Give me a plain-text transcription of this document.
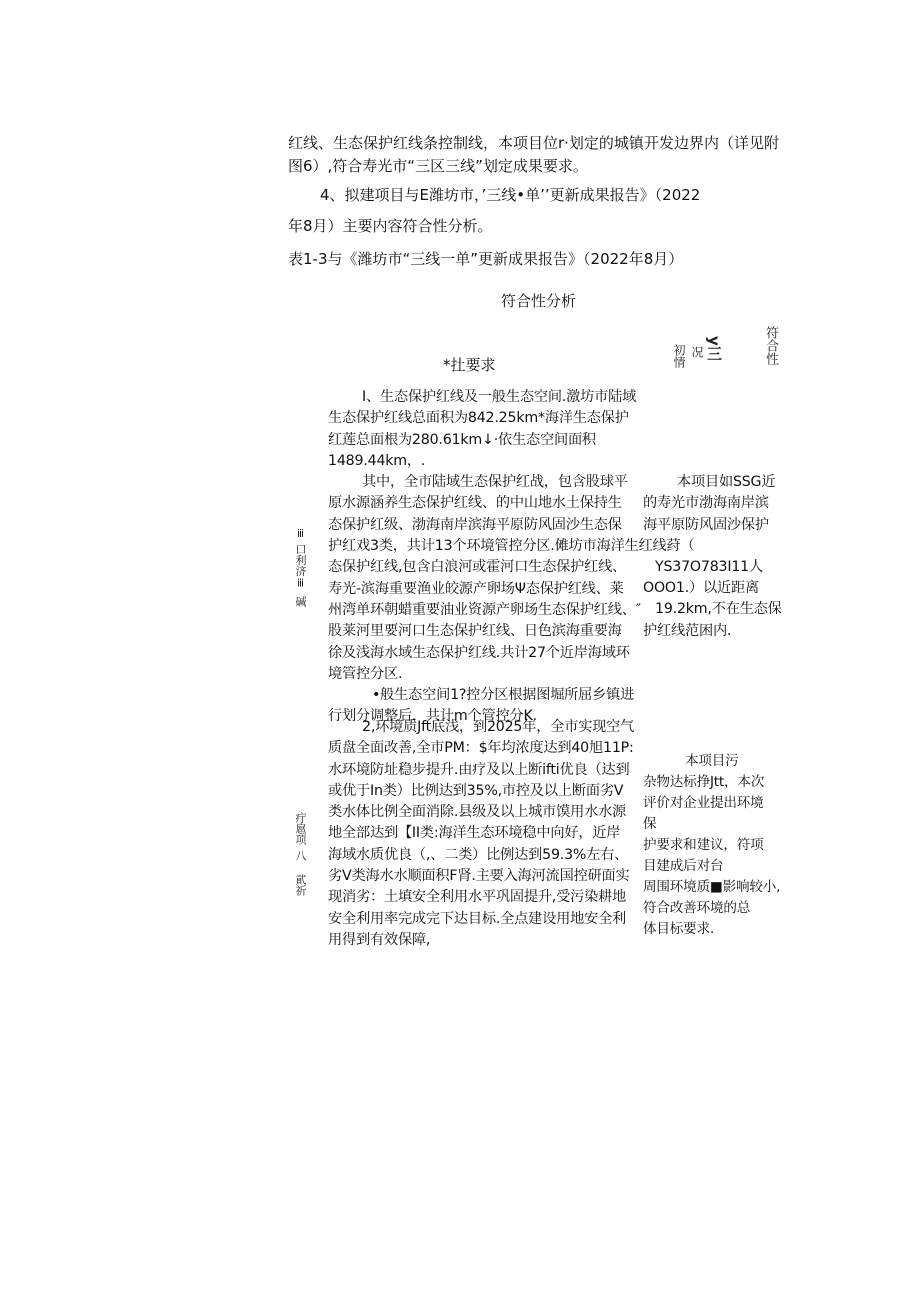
红线、生态保护红线条控制线，本项目位r·划定的城镇开发边界内（详见附
图6）,符合寿光市“三区三线”划定成果要求。
4、拟建项目与E潍坊市，’三线•单’’更新成果报告》（2022
年8月）主要内容符合性分析。
表1-3与《潍坊市“三线一单”更新成果报告》（2022年8月）
符合性分析
*扗要求
y三
况
初情	符合性
ⅲ 口利济ⅲ
碱
I、生态保护红线及一般生态空间.激坊市陆域
生态保护红线总面积为842.25km*海洋生态保护
红莲总面根为280.61km↓·依生态空间面积
1489.44km，.
其中，全市陆域生态保护红战，包含股球平
原水源涵养生态保护红线、的中山地水土保持生
态保护红级、渤海南岸滨海平原防风固沙生态保
护红戏3类，共计13个环境管控分区.傩坊市海洋生红线荮（
态保护红线,包含白浪河或霍河口生态保护红线、
寿光-滨海重要渔业皎源产卵场Ψ态保护红线、莱
州湾单环朝蜡重要油业资源产卵场生态保护红线、″
股莱河里要河口生态保护红线、日色滨海重要海
徐及浅海水域生态保护红线.共计27个近岸海域环
境管控分区.
•般生态空间1?控分区根据图堀所屈乡镇进
行划分调整后，共计m个管控分K.
本项目如SSG近
的寿光市渤海南岸滨
海平原防风固沙保护
YS37O783I11人
OOO1.）以近距离
19.2km,不在生态保
护红线范困内.
疔扈项
八
貮祈
2,环境质Jft底浅，到2025年，全市实现空气
质盘全面改善,全市PM：$年均浓度达到40旭11P:
水环境防址稳步提升.由疗及以上断ifti优良（达到
或优于In类）比例达到35%,市控及以上断面劣V
类水体比例全面消除.县级及以上城市馍用水水源
地全部达到【II类:海洋生态环境稳中向好，近岸
海域水质优良（,、二类）比例达到59.3%左右、
劣V类海水水顺面积F肾.主要入海河流国控研面实
现消劣：土填安全利用水平巩固提升,受污染耕地
安全利用率完成完下达目标.全点建设用地安全利
用得到有效保障,
本项目污
杂物达标挣Jtt，本次
评价对企业提出环境
保
护要求和建议，符项
目建成后对台
周围环境质■影响较小,
符合改善环境的总
体目标要求.
